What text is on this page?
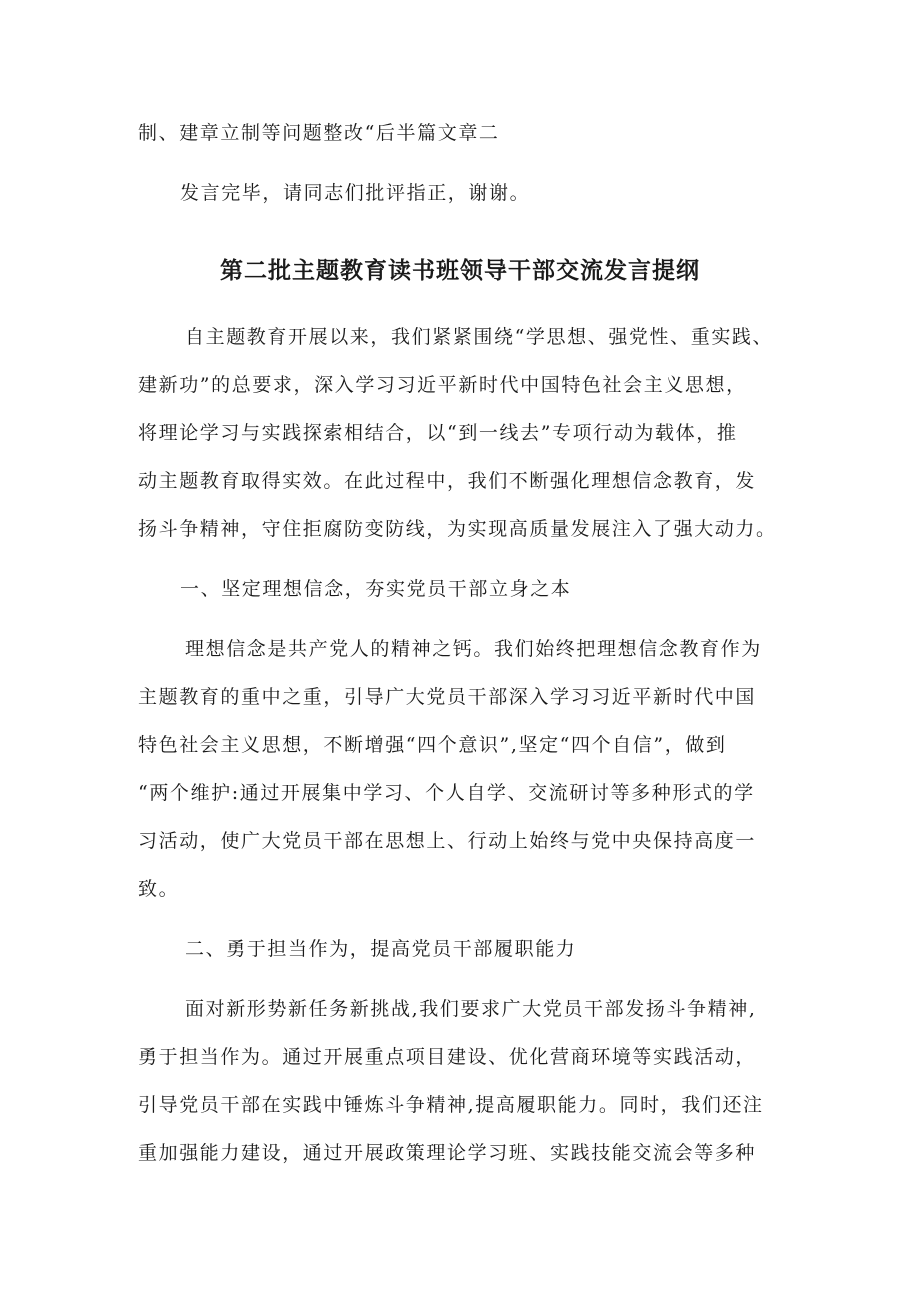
制、建章立制等问题整改“后半篇文章二
发言完毕，请同志们批评指正，谢谢。
第二批主题教育读书班领导干部交流发言提纲
自主题教育开展以来，我们紧紧围绕“学思想、强党性、重实践、
建新功”的总要求，深入学习习近平新时代中国特色社会主义思想，
将理论学习与实践探索相结合，以“到一线去”专项行动为载体，推
动主题教育取得实效。在此过程中，我们不断强化理想信念教育，发
扬斗争精神，守住拒腐防变防线，为实现高质量发展注入了强大动力。
一、坚定理想信念，夯实党员干部立身之本
理想信念是共产党人的精神之钙。我们始终把理想信念教育作为
主题教育的重中之重，引导广大党员干部深入学习习近平新时代中国
特色社会主义思想，不断增强“四个意识”,坚定“四个自信”，做到
“两个维护:通过开展集中学习、个人自学、交流研讨等多种形式的学
习活动，使广大党员干部在思想上、行动上始终与党中央保持高度一
致。
二、勇于担当作为，提高党员干部履职能力
面对新形势新任务新挑战,我们要求广大党员干部发扬斗争精神,
勇于担当作为。通过开展重点项目建设、优化营商环境等实践活动，
引导党员干部在实践中锤炼斗争精神,提高履职能力。同时，我们还注
重加强能力建设，通过开展政策理论学习班、实践技能交流会等多种
